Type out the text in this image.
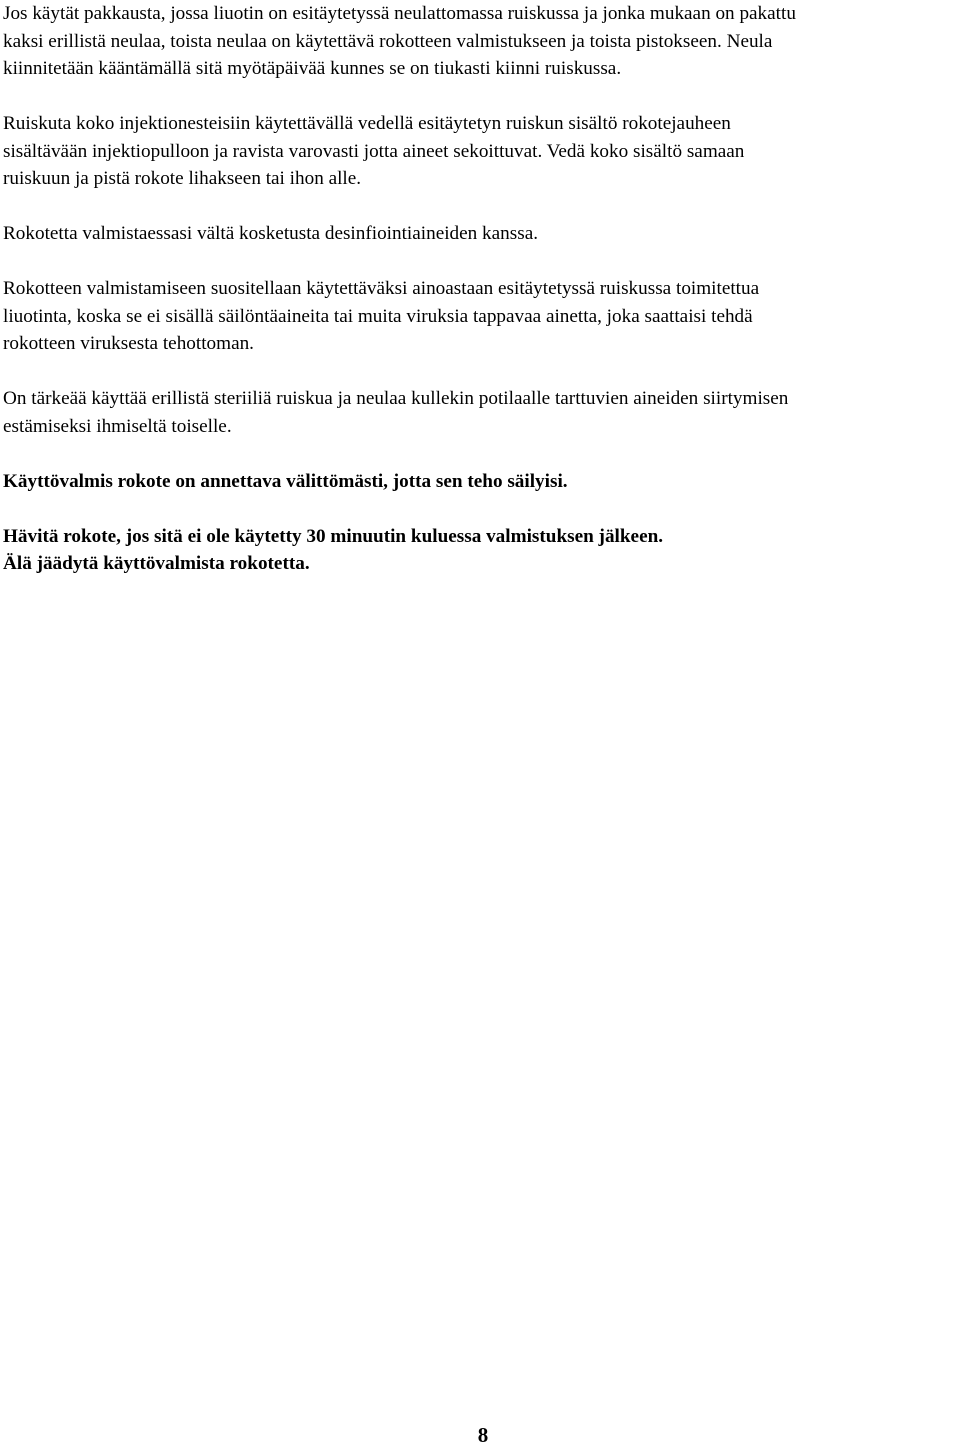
Jos käytät pakkausta, jossa liuotin on esitäytetyssä neulattomassa ruiskussa ja jonka mukaan on pakattu
kaksi erillistä neulaa, toista neulaa on käytettävä rokotteen valmistukseen ja toista pistokseen. Neula
kiinnitetään kääntämällä sitä myötäpäivää kunnes se on tiukasti kiinni ruiskussa.

Ruiskuta koko injektionesteisiin käytettävällä vedellä esitäytetyn ruiskun sisältö rokotejauheen
sisältävään injektiopulloon ja ravista varovasti jotta aineet sekoittuvat. Vedä koko sisältö samaan
ruiskuun ja pistä rokote lihakseen tai ihon alle.

Rokotetta valmistaessasi vältä kosketusta desinfiointiaineiden kanssa.

Rokotteen valmistamiseen suositellaan käytettäväksi ainoastaan esitäytetyssä ruiskussa toimitettua
liuotinta, koska se ei sisällä säilöntäaineita tai muita viruksia tappavaa ainetta, joka saattaisi tehdä
rokotteen viruksesta tehottoman.

On tärkeää käyttää erillistä steriiliä ruiskua ja neulaa kullekin potilaalle tarttuvien aineiden siirtymisen
estämiseksi ihmiseltä toiselle.

Käyttövalmis rokote on annettava välittömästi, jotta sen teho säilyisi.

Hävitä rokote, jos sitä ei ole käytetty 30 minuutin kuluessa valmistuksen jälkeen.
Älä jäädytä käyttövalmista rokotetta.

8
